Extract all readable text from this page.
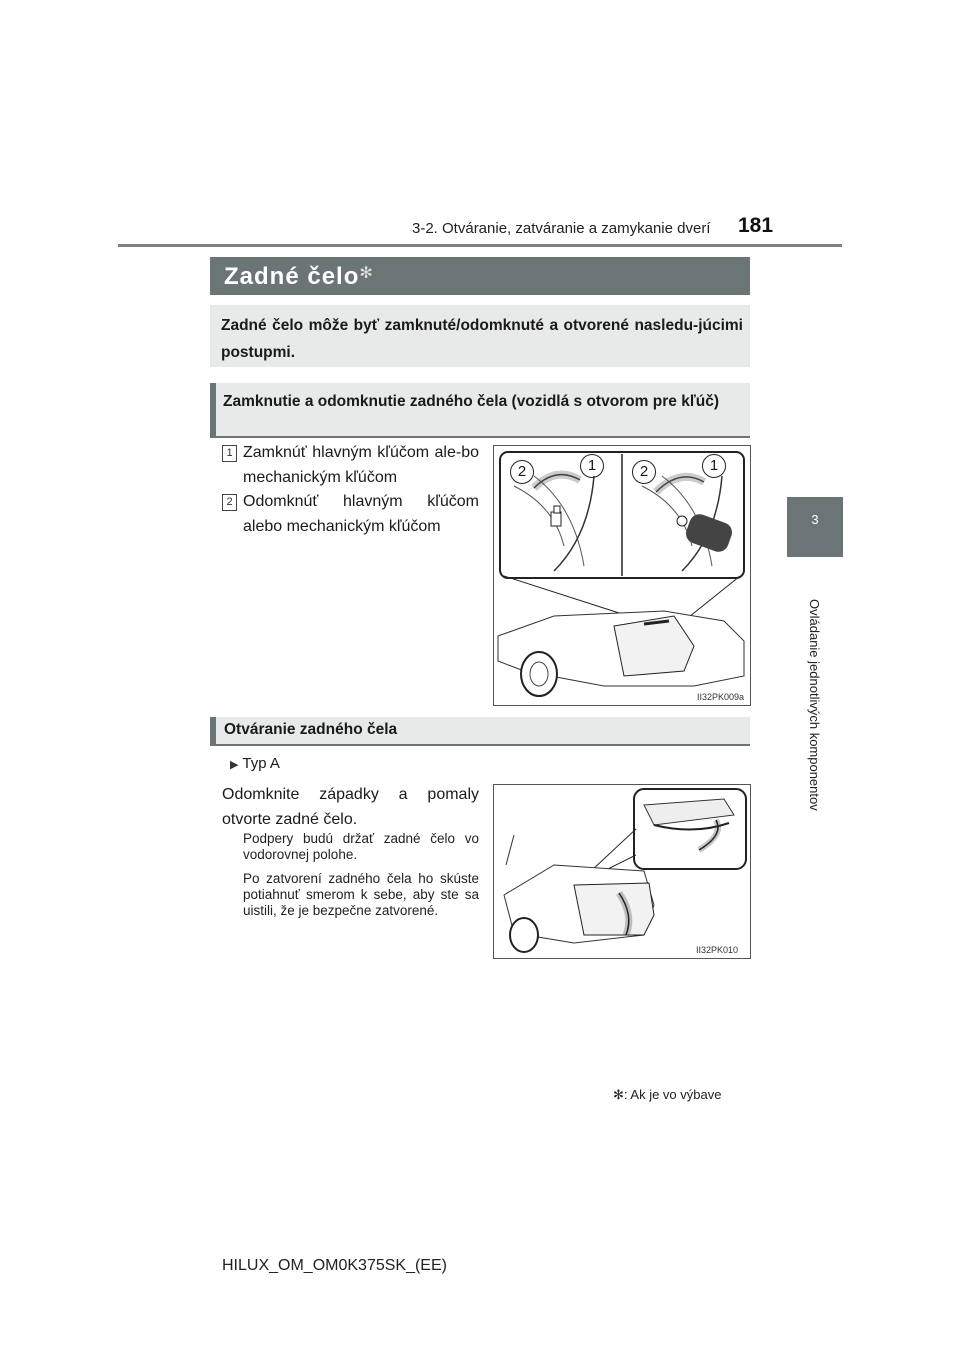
3-2. Otváranie, zatváranie a zamykanie dverí 181
3
Ovládanie jednotlivých komponentov
Zadné čelo✻
Zadné čelo môže byť zamknuté/odomknuté a otvorené nasledu-júcimi postupmi.
Zamknutie a odomknutie zadného čela (vozidlá s otvorom pre kľúč)
1 Zamknúť hlavným kľúčom ale-bo mechanickým kľúčom
2 Odomknúť hlavným kľúčom alebo mechanickým kľúčom
2	1	2	1
II32PK009a
Otváranie zadného čela
▶ Typ A
Odomknite západky a pomaly otvorte zadné čelo.
Podpery budú držať zadné čelo vo vodorovnej polohe.
Po zatvorení zadného čela ho skúste potiahnuť smerom k sebe, aby ste sa uistili, že je bezpečne zatvorené.
II32PK010
✻: Ak je vo výbave
HILUX_OM_OM0K375SK_(EE)
